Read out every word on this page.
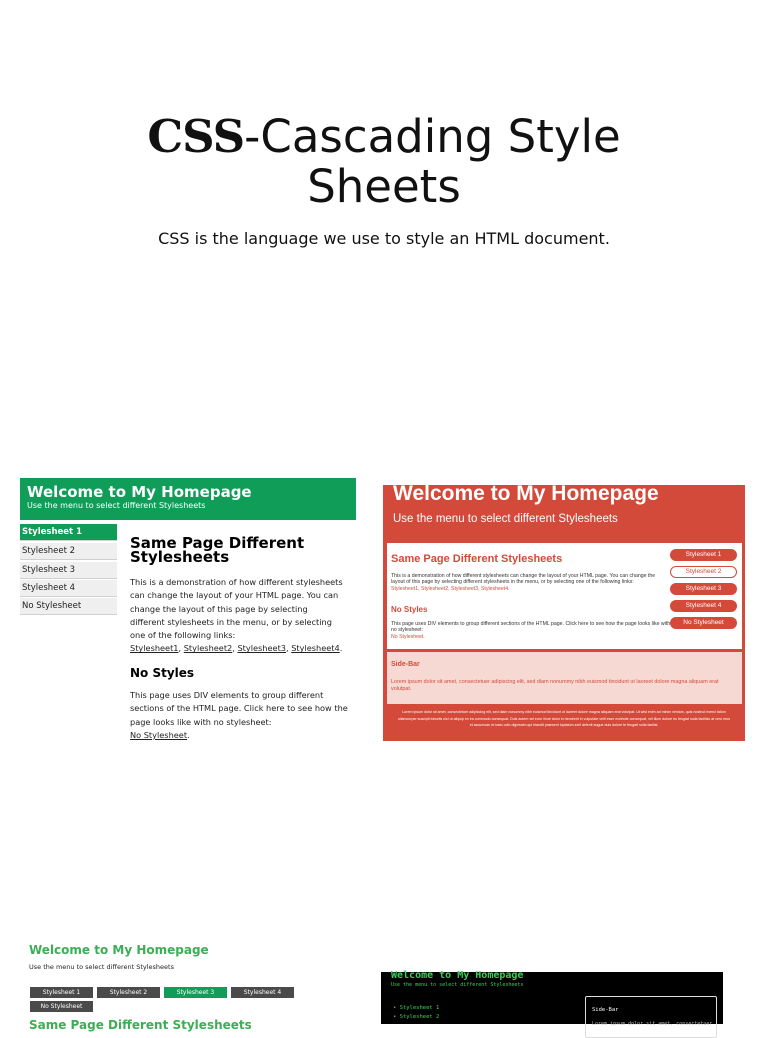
CSS-Cascading Style
Sheets
CSS is the language we use to style an HTML document.
Welcome to My Homepage
Use the menu to select different Stylesheets
Stylesheet 1
Stylesheet 2
Stylesheet 3
Stylesheet 4
No Stylesheet
Same Page Different Stylesheets
This is a demonstration of how different stylesheets can change the layout of your HTML page. You can change the layout of this page by selecting different stylesheets in the menu, or by selecting one of the following links:
Stylesheet1, Stylesheet2, Stylesheet3, Stylesheet4.
No Styles
This page uses DIV elements to group different sections of the HTML page. Click here to see how the page looks like with no stylesheet:
No Stylesheet.
Welcome to My Homepage
Use the menu to select different Stylesheets
Same Page Different Stylesheets
This is a demonstration of how different stylesheets can change the layout of your HTML page. You can change the layout of this page by selecting different stylesheets in the menu, or by selecting one of the following links:
Stylesheet1, Stylesheet2, Stylesheet3, Stylesheet4.
No Styles
This page uses DIV elements to group different sections of the HTML page. Click here to see how the page looks like with no stylesheet:
No Stylesheet.
Stylesheet 1
Stylesheet 2
Stylesheet 3
Stylesheet 4
No Stylesheet
Side-Bar
Lorem ipsum dolor sit amet, consectetuer adipiscing elit, sed diam nonummy nibh euismod tincidunt ut laoreet dolore magna aliquam erat volutpat.
Lorem ipsum dolor sit amet, consectetuer adipiscing elit, sed diam nonummy nibh euismod tincidunt ut laoreet dolore magna aliquam erat volutpat. Ut wisi enim ad minim veniam, quis nostrud exerci tation ullamcorper suscipit lobortis nisl ut aliquip ex ea commodo consequat. Duis autem vel eum iriure dolor in hendrerit in vulputate velit esse molestie consequat, vel illum dolore eu feugiat nulla facilisis at vero eros et accumsan et iusto odio dignissim qui blandit praesent luptatum zzril delenit augue duis dolore te feugait nulla facilisi.
Welcome to My Homepage
Use the menu to select different Stylesheets
Stylesheet 1	Stylesheet 2	Stylesheet 3	Stylesheet 4
No Stylesheet
Same Page Different Stylesheets
Welcome to My Homepage
Use the menu to select different Stylesheets
• Stylesheet 1
• Stylesheet 2
Side-Bar
Lorem ipsum dolor sit amet, consectetuer
